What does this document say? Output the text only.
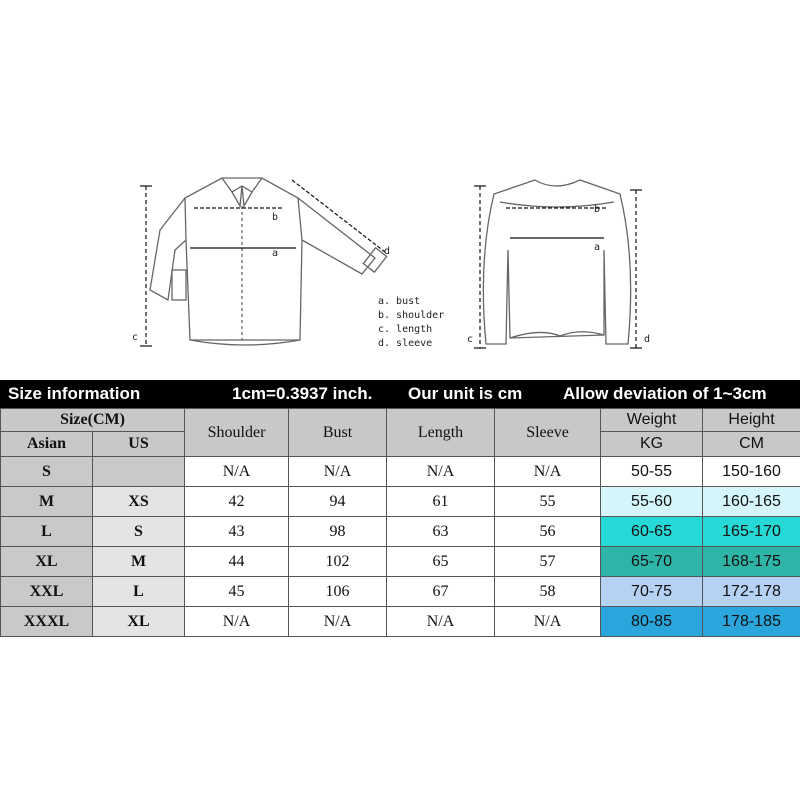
b
a
c
d
a. bust
b. shoulder
c. length
d. sleeve
b
a
c	d
Size information	1cm=0.3937 inch. Our unit is cm Allow deviation of 1~3cm
Size(CM)		Shoulder	Bust	Length	Sleeve	Weight	Height
Asian	US					KG	CM
S		N/A	N/A	N/A	N/A	50-55	150-160
M	XS	42	94	61	55	55-60	160-165
L	S	43	98	63	56	60-65	165-170
XL	M	44	102	65	57	65-70	168-175
XXL	L	45	106	67	58	70-75	172-178
XXXL	XL	N/A	N/A	N/A	N/A	80-85	178-185
